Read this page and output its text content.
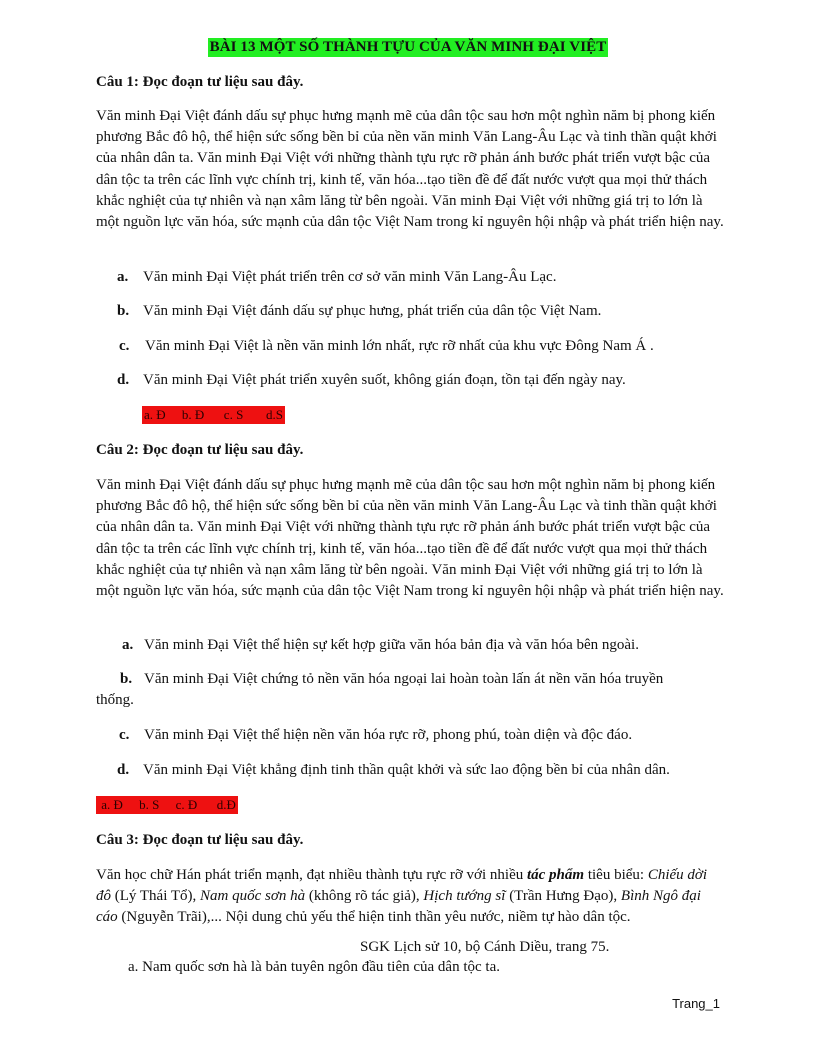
BÀI 13 MỘT SỐ THÀNH TỰU CỦA VĂN MINH ĐẠI VIỆT
Câu 1: Đọc đoạn tư liệu sau đây.
Văn minh Đại Việt đánh dấu sự phục hưng mạnh mẽ của dân tộc sau hơn một nghìn năm bị phong kiến phương Bắc đô hộ, thể hiện sức sống bền bỉ của nền văn minh Văn Lang-Âu Lạc và tinh thần quật khởi của nhân dân ta. Văn minh Đại Việt với những thành tựu rực rỡ phản ánh bước phát triển vượt bậc của dân tộc ta trên các lĩnh vực chính trị, kinh tế, văn hóa...tạo tiền đề để đất nước vượt qua mọi thử thách khắc nghiệt của tự nhiên và nạn xâm lăng từ bên ngoài. Văn minh Đại Việt với những giá trị to lớn là một nguồn lực văn hóa, sức mạnh của dân tộc Việt Nam trong kỉ nguyên hội nhập và phát triển hiện nay.
a. Văn minh Đại Việt phát triển trên cơ sở văn minh Văn Lang-Âu Lạc.
b. Văn minh Đại Việt đánh dấu sự phục hưng, phát triển của dân tộc Việt Nam.
c. Văn minh Đại Việt là nền văn minh lớn nhất, rực rỡ nhất của khu vực Đông Nam Á .
d. Văn minh Đại Việt phát triển xuyên suốt, không gián đoạn, tồn tại đến ngày nay.
a. Đ     b. Đ      c. S       d.S
Câu 2: Đọc đoạn tư liệu sau đây.
Văn minh Đại Việt đánh dấu sự phục hưng mạnh mẽ của dân tộc sau hơn một nghìn năm bị phong kiến phương Bắc đô hộ, thể hiện sức sống bền bỉ của nền văn minh Văn Lang-Âu Lạc và tinh thần quật khởi của nhân dân ta. Văn minh Đại Việt với những thành tựu rực rỡ phản ánh bước phát triển vượt bậc của dân tộc ta trên các lĩnh vực chính trị, kinh tế, văn hóa...tạo tiền đề để đất nước vượt qua mọi thử thách khắc nghiệt của tự nhiên và nạn xâm lăng từ bên ngoài. Văn minh Đại Việt với những giá trị to lớn là một nguồn lực văn hóa, sức mạnh của dân tộc Việt Nam trong kỉ nguyên hội nhập và phát triển hiện nay.
a. Văn minh Đại Việt thể hiện sự kết hợp giữa văn hóa bản địa và văn hóa bên ngoài.
b. Văn minh Đại Việt chứng tỏ nền văn hóa ngoại lai hoàn toàn lấn át nền văn hóa truyền
thống.
c. Văn minh Đại Việt thể hiện nền văn hóa rực rỡ, phong phú, toàn diện và độc đáo.
d. Văn minh Đại Việt khẳng định tinh thần quật khởi và sức lao động bền bỉ của nhân dân.
a. Đ     b. S     c. Đ      d.Đ
Câu 3: Đọc đoạn tư liệu sau đây.
Văn học chữ Hán phát triển mạnh, đạt nhiều thành tựu rực rỡ với nhiều tác phẩm tiêu biểu: Chiếu dời đô (Lý Thái Tổ), Nam quốc sơn hà (không rõ tác giả), Hịch tướng sĩ (Trần Hưng Đạo), Bình Ngô đại cáo (Nguyễn Trãi),... Nội dung chủ yếu thể hiện tinh thần yêu nước, niềm tự hào dân tộc.
SGK Lịch sử 10, bộ Cánh Diều, trang 75.
a. Nam quốc sơn hà là bản tuyên ngôn đầu tiên của dân tộc ta.
Trang_1
